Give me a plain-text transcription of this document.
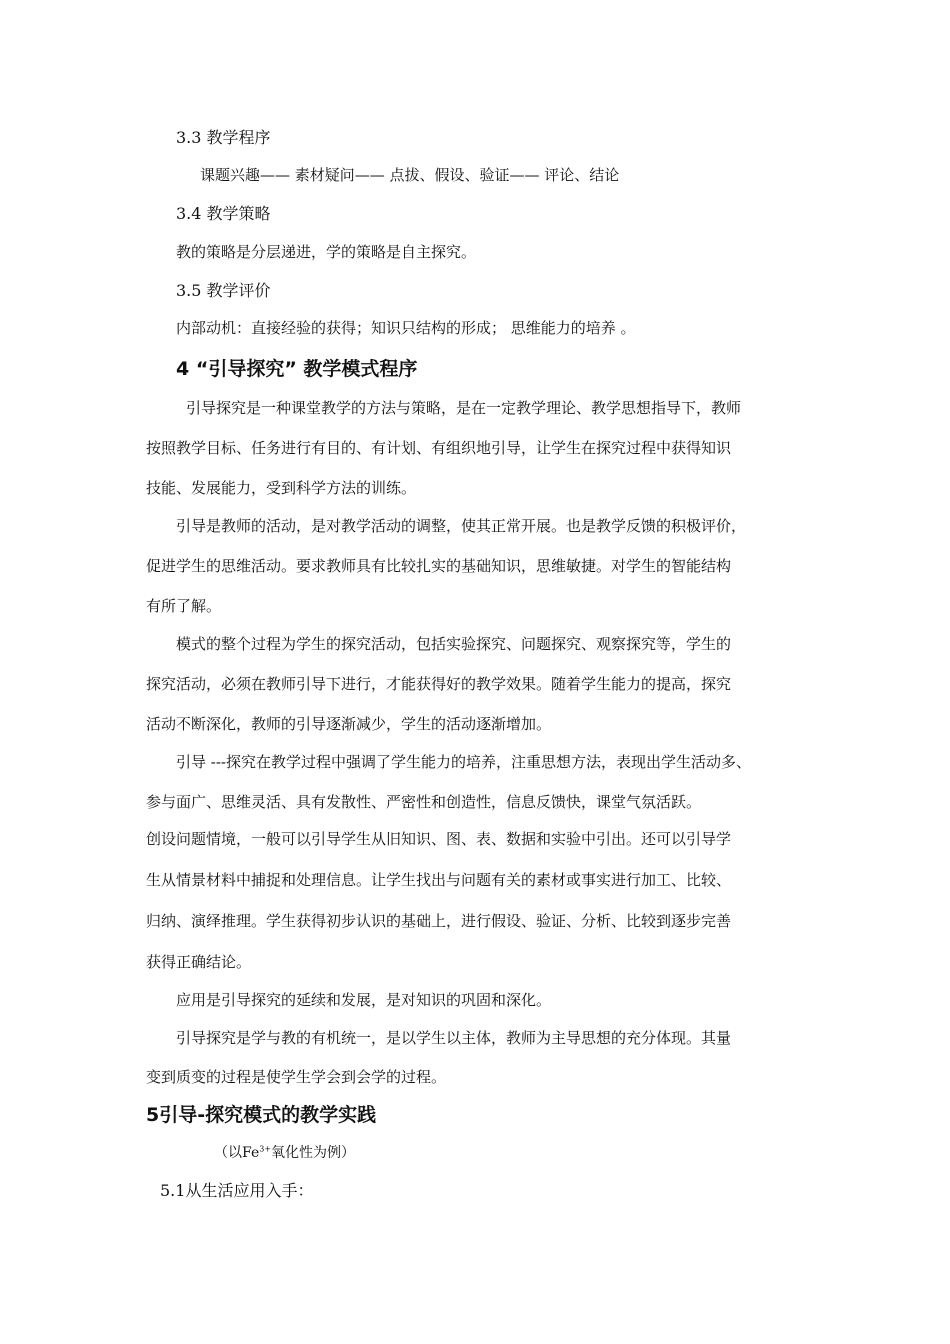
3.3 教学程序
课题兴趣—— 素材疑问—— 点拔、假设、验证—— 评论、结论
3.4 教学策略
教的策略是分层递进，学的策略是自主探究。
3.5 教学评价
内部动机：直接经验的获得；知识只结构的形成； 思维能力的培养 。
4 “引导探究” 教学模式程序
引导探究是一种课堂教学的方法与策略，是在一定教学理论、教学思想指导下，教师
按照教学目标、任务进行有目的、有计划、有组织地引导，让学生在探究过程中获得知识
技能、发展能力，受到科学方法的训练。
引导是教师的活动，是对教学活动的调整，使其正常开展。也是教学反馈的积极评价，
促进学生的思维活动。要求教师具有比较扎实的基础知识，思维敏捷。对学生的智能结构
有所了解。
模式的整个过程为学生的探究活动，包括实验探究、问题探究、观察探究等，学生的
探究活动，必须在教师引导下进行，才能获得好的教学效果。随着学生能力的提高，探究
活动不断深化，教师的引导逐渐减少，学生的活动逐渐增加。
引导 ---探究在教学过程中强调了学生能力的培养，注重思想方法，表现出学生活动多、
参与面广、思维灵活、具有发散性、严密性和创造性，信息反馈快，课堂气氛活跃。
创设问题情境，一般可以引导学生从旧知识、图、表、数据和实验中引出。还可以引导学
生从情景材料中捕捉和处理信息。让学生找出与问题有关的素材或事实进行加工、比较、
归纳、演绎推理。学生获得初步认识的基础上，进行假设、验证、分析、比较到逐步完善
获得正确结论。
应用是引导探究的延续和发展，是对知识的巩固和深化。
引导探究是学与教的有机统一，是以学生以主体，教师为主导思想的充分体现。其量
变到质变的过程是使学生学会到会学的过程。
5引导-探究模式的教学实践
（以$Fe^{3+}$氧化性为例）
5.1从生活应用入手：
